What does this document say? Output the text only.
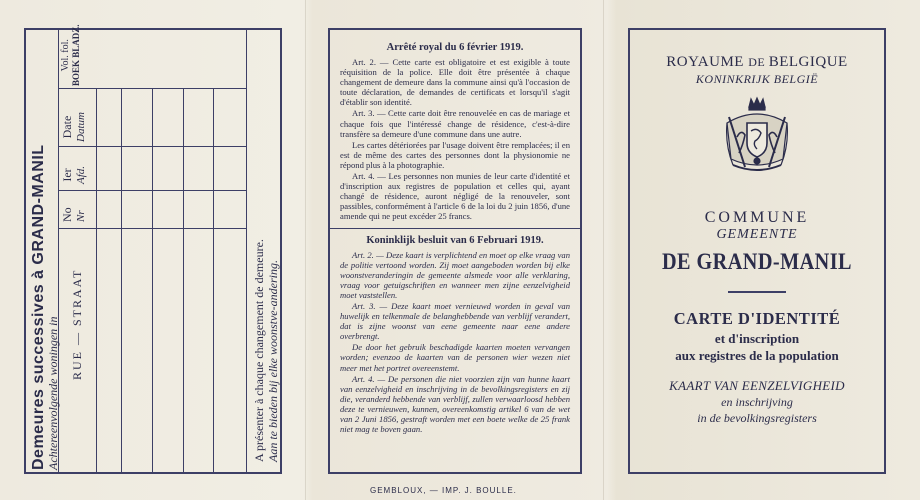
Demeures successives à GRAND-MANIL
Achtereenvolgende woningen in RUE — STRAAT
No Nr
Ier Afd.
Date Datum
Vol. fol. BOEK BLADZ.
A présenter à chaque changement de demeure. Aan te bieden bij elke woonstve-andering.
Arrêté royal du 6 février 1919.

Art. 2. — Cette carte est obligatoire et est exigible à toute réquisition de la police. Elle doit être présentée à chaque changement de demeure dans la commune ainsi qu'à l'occasion de toute déclaration, de demandes de certificats et lorsqu'il s'agit d'établir son identité.

Art. 3. — Cette carte doit être renouvelée en cas de mariage et chaque fois que l'intéressé change de résidence, c'est-à-dire transfère sa demeure d'une commune dans une autre.

Les cartes détériorées par l'usage doivent être remplacées; il en est de même des cartes des personnes dont la physionomie ne répond plus à la photographie.

Art. 4. — Les personnes non munies de leur carte d'identité et d'inscription aux registres de population et celles qui, ayant changé de résidence, auront négligé de la renouveler, sont passibles, conformément à l'article 6 de la loi du 2 juin 1856, d'une amende qui ne peut excéder 25 francs.

Koninklijk besluit van 6 Februari 1919.

Art. 2. — Deze kaart is verplichtend en moet op elke vraag van de politie vertoond worden. Zij moet aangeboden worden bij elke woonstveranderingin de gemeente alsmede voor alle verklaring, vraag voor getuigschriften en wanneer men zijne eenzelvigheid moet vaststellen.

Art. 3. — Deze kaart moet vernieuwd worden in geval van huwelijk en telkenmale de belanghebbende van verblijf verandert, dat is zijne woonst van eene gemeente naar eene andere overbrengt.

De door het gebruik beschadigde kaarten moeten vervangen worden; evenzoo de kaarten van de personen wier wezen niet meer met het portret overeenstemt.

Art. 4. — De personen die niet voorzien zijn van hunne kaart van eenzelvigheid en inschrijving in de bevolkingsregisters en zij die, veranderd hebbende van verblijf, zullen verwaarloosd hebben deze te vernieuwen, kunnen, overeenkomstig artikel 6 van de wet van 2 Juni 1856, gestraft worden met een boete welke de 25 frank niet mag te boven gaan.

GEMBLOUX, — IMP. J. BOULLE.
ROYAUME DE BELGIQUE
KONINKRIJK BELGIË
COMMUNE
GEMEENTE
DE GRAND-MANIL
CARTE D'IDENTITÉ
et d'inscription
aux registres de la population
KAART VAN EENZELVIGHEID
en inschrijving
in de bevolkingsregisters
